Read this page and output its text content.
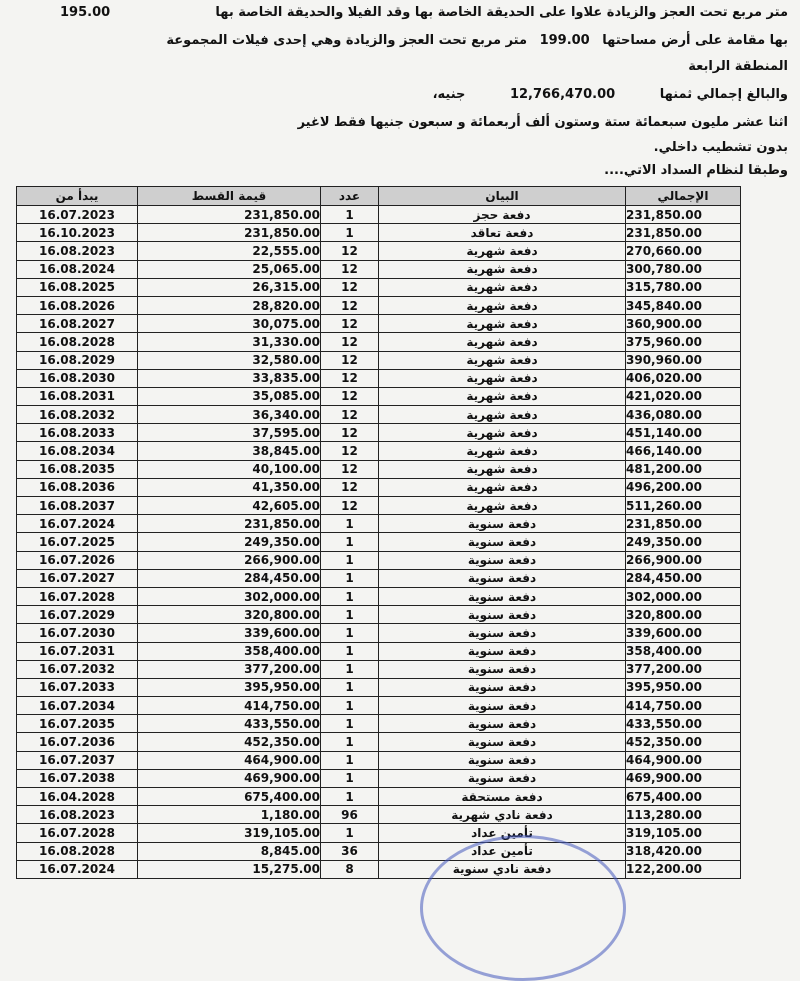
متر مربع تحت العجز والزيادة علاوا على الحديقة الخاصة بها وقد الفيلا والحديقة الخاصة بها
195.00
بها مقامة على أرض مساحتها 199.00 متر مربع تحت العجز والزيادة وهي إحدى فيلات المجموعة
المنطقة الرابعة
والبالغ إجمالي ثمنها 12,766,470.00 جنيه،
اثنا عشر مليون سبعمائة ستة وستون ألف أربعمائة و سبعون جنيها فقط لاغير
بدون تشطيب داخلي.
وطبقا لنظام السداد الاتي....
يبدأ من	قيمة القسط	عدد	البيان	الإجمالي
16.07.2023	231,850.00	1	دفعة حجز	231,850.00
16.10.2023	231,850.00	1	دفعة تعاقد	231,850.00
16.08.2023	22,555.00	12	دفعة شهرية	270,660.00
16.08.2024	25,065.00	12	دفعة شهرية	300,780.00
16.08.2025	26,315.00	12	دفعة شهرية	315,780.00
16.08.2026	28,820.00	12	دفعة شهرية	345,840.00
16.08.2027	30,075.00	12	دفعة شهرية	360,900.00
16.08.2028	31,330.00	12	دفعة شهرية	375,960.00
16.08.2029	32,580.00	12	دفعة شهرية	390,960.00
16.08.2030	33,835.00	12	دفعة شهرية	406,020.00
16.08.2031	35,085.00	12	دفعة شهرية	421,020.00
16.08.2032	36,340.00	12	دفعة شهرية	436,080.00
16.08.2033	37,595.00	12	دفعة شهرية	451,140.00
16.08.2034	38,845.00	12	دفعة شهرية	466,140.00
16.08.2035	40,100.00	12	دفعة شهرية	481,200.00
16.08.2036	41,350.00	12	دفعة شهرية	496,200.00
16.08.2037	42,605.00	12	دفعة شهرية	511,260.00
16.07.2024	231,850.00	1	دفعة سنوية	231,850.00
16.07.2025	249,350.00	1	دفعة سنوية	249,350.00
16.07.2026	266,900.00	1	دفعة سنوية	266,900.00
16.07.2027	284,450.00	1	دفعة سنوية	284,450.00
16.07.2028	302,000.00	1	دفعة سنوية	302,000.00
16.07.2029	320,800.00	1	دفعة سنوية	320,800.00
16.07.2030	339,600.00	1	دفعة سنوية	339,600.00
16.07.2031	358,400.00	1	دفعة سنوية	358,400.00
16.07.2032	377,200.00	1	دفعة سنوية	377,200.00
16.07.2033	395,950.00	1	دفعة سنوية	395,950.00
16.07.2034	414,750.00	1	دفعة سنوية	414,750.00
16.07.2035	433,550.00	1	دفعة سنوية	433,550.00
16.07.2036	452,350.00	1	دفعة سنوية	452,350.00
16.07.2037	464,900.00	1	دفعة سنوية	464,900.00
16.07.2038	469,900.00	1	دفعة سنوية	469,900.00
16.04.2028	675,400.00	1	دفعة مستحقة	675,400.00
16.08.2023	1,180.00	96	دفعة نادي شهرية	113,280.00
16.07.2028	319,105.00	1	تأمين عداد	319,105.00
16.08.2028	8,845.00	36	تأمين عداد	318,420.00
16.07.2024	15,275.00	8	دفعة نادي سنوية	122,200.00
